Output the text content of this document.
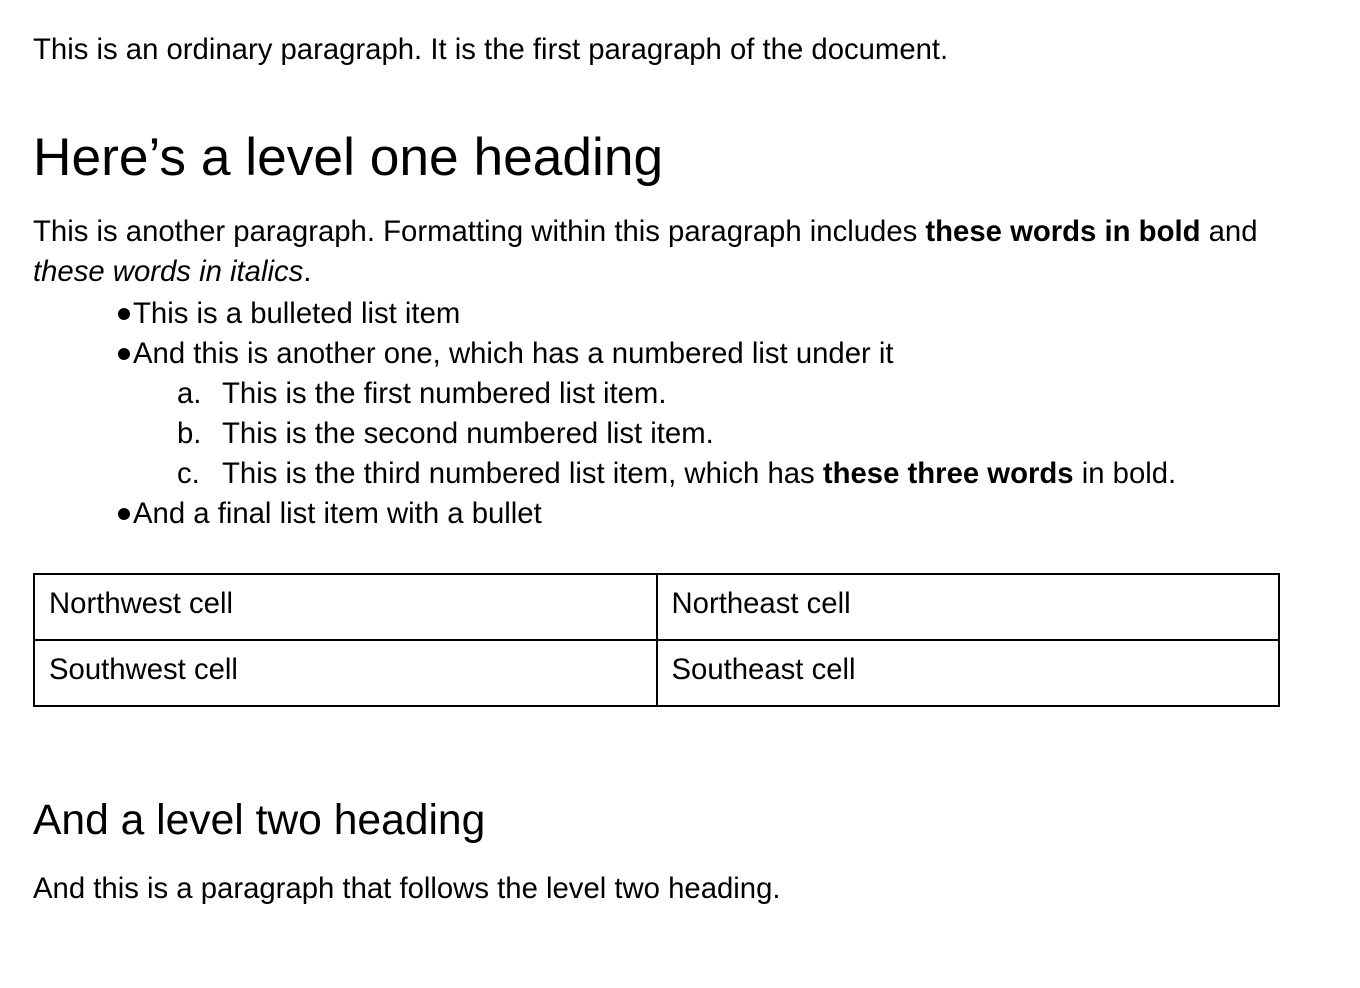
This is an ordinary paragraph. It is the first paragraph of the document.

Here’s a level one heading
This is another paragraph. Formatting within this paragraph includes these words in bold and
these words in italics.
This is a bulleted list item
And this is another one, which has a numbered list under it
a. This is the first numbered list item.
b. This is the second numbered list item.
c. This is the third numbered list item, which has these three words in bold.
And a final list item with a bullet
Northwest cell	Northeast cell
Southwest cell	Southeast cell
And a level two heading

And this is a paragraph that follows the level two heading.
